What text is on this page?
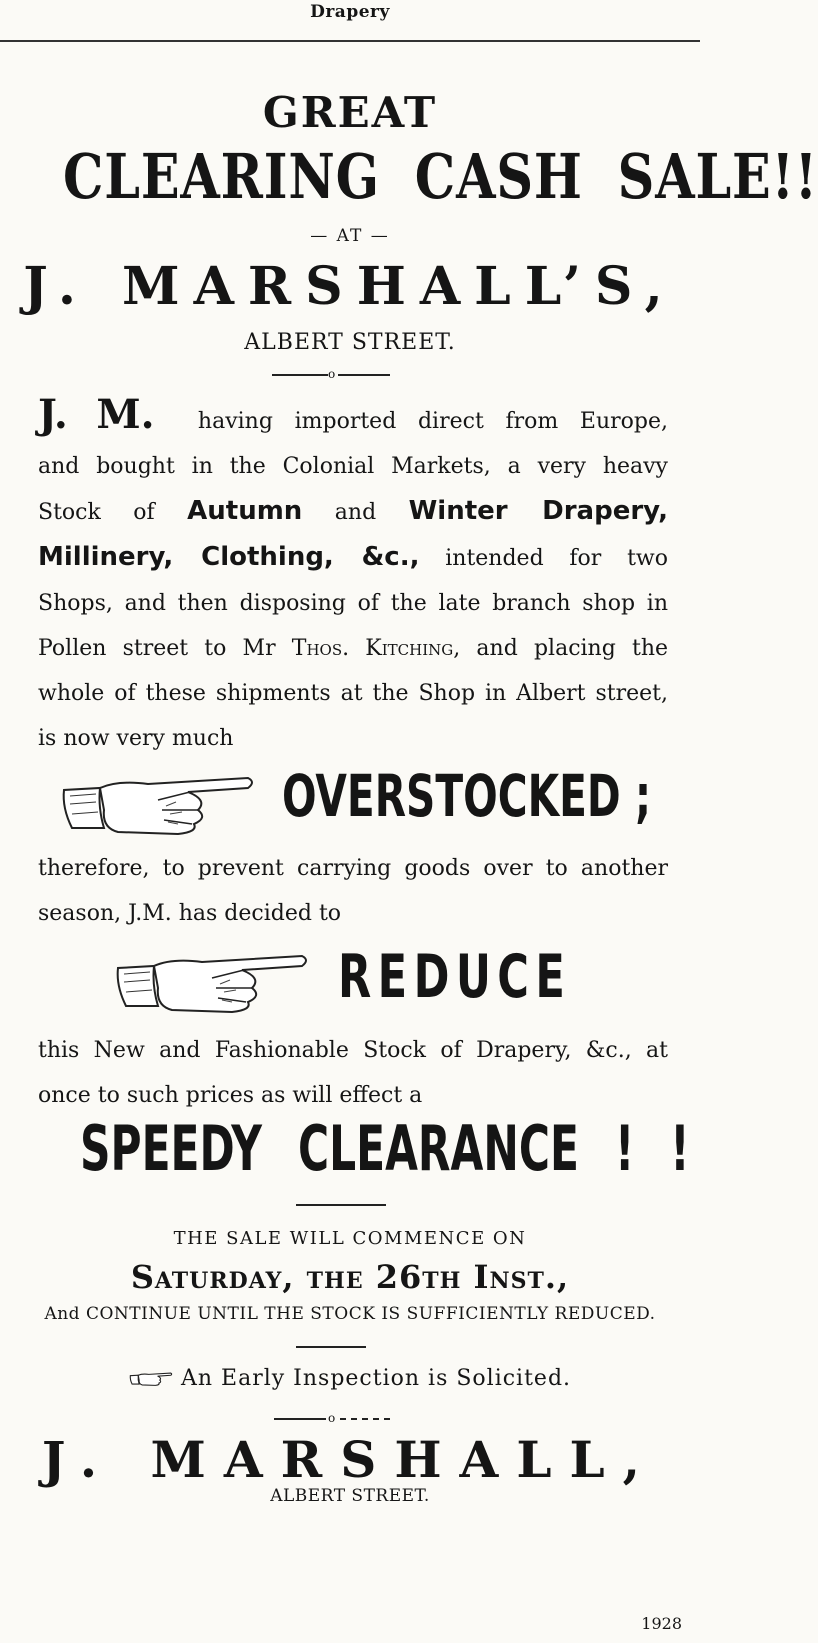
Drapery
GREAT
CLEARING CASH SALE!!
— AT —
J. MARSHALL’S,
ALBERT STREET.
o
J. M. having imported direct from Europe,
and bought in the Colonial Markets, a very heavy
Stock of Autumn and Winter Drapery,
Millinery, Clothing, &c., intended for two
Shops, and then disposing of the late branch shop in
Pollen street to Mr Thos. Kitching, and placing the
whole of these shipments at the Shop in Albert street,
is now very much
OVERSTOCKED ;
therefore, to prevent carrying goods over to another
season, J.M. has decided to
REDUCE
this New and Fashionable Stock of Drapery, &c., at
once to such prices as will effect a
SPEEDY CLEARANCE ! !
THE SALE WILL COMMENCE ON
Saturday, the 26th Inst.,
And CONTINUE UNTIL THE STOCK IS SUFFICIENTLY REDUCED.
An Early Inspection is Solicited.
o
J. MARSHALL,
ALBERT STREET.
1928
